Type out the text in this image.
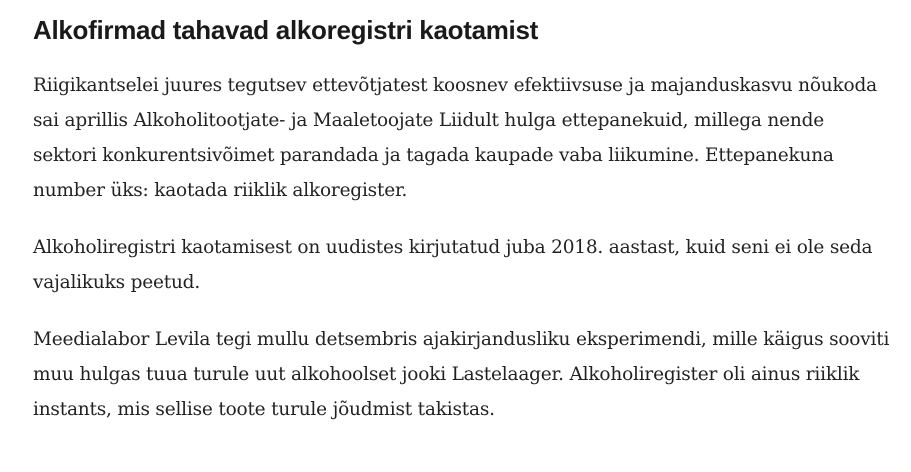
Alkofirmad tahavad alkoregistri kaotamist

Riigikantselei juures tegutsev ettevõtjatest koosnev efektiivsuse ja majanduskasvu nõukoda sai aprillis Alkoholitootjate- ja Maaletoojate Liidult hulga ettepanekuid, millega nende sektori konkurentsivõimet parandada ja tagada kaupade vaba liikumine. Ettepanekuna number üks: kaotada riiklik alkoregister.

Alkoholiregistri kaotamisest on uudistes kirjutatud juba 2018. aastast, kuid seni ei ole seda vajalikuks peetud.

Meedialabor Levila tegi mullu detsembris ajakirjandusliku eksperimendi, mille käigus sooviti muu hulgas tuua turule uut alkohoolset jooki Lastelaager. Alkoholiregister oli ainus riiklik instants, mis sellise toote turule jõudmist takistas.
